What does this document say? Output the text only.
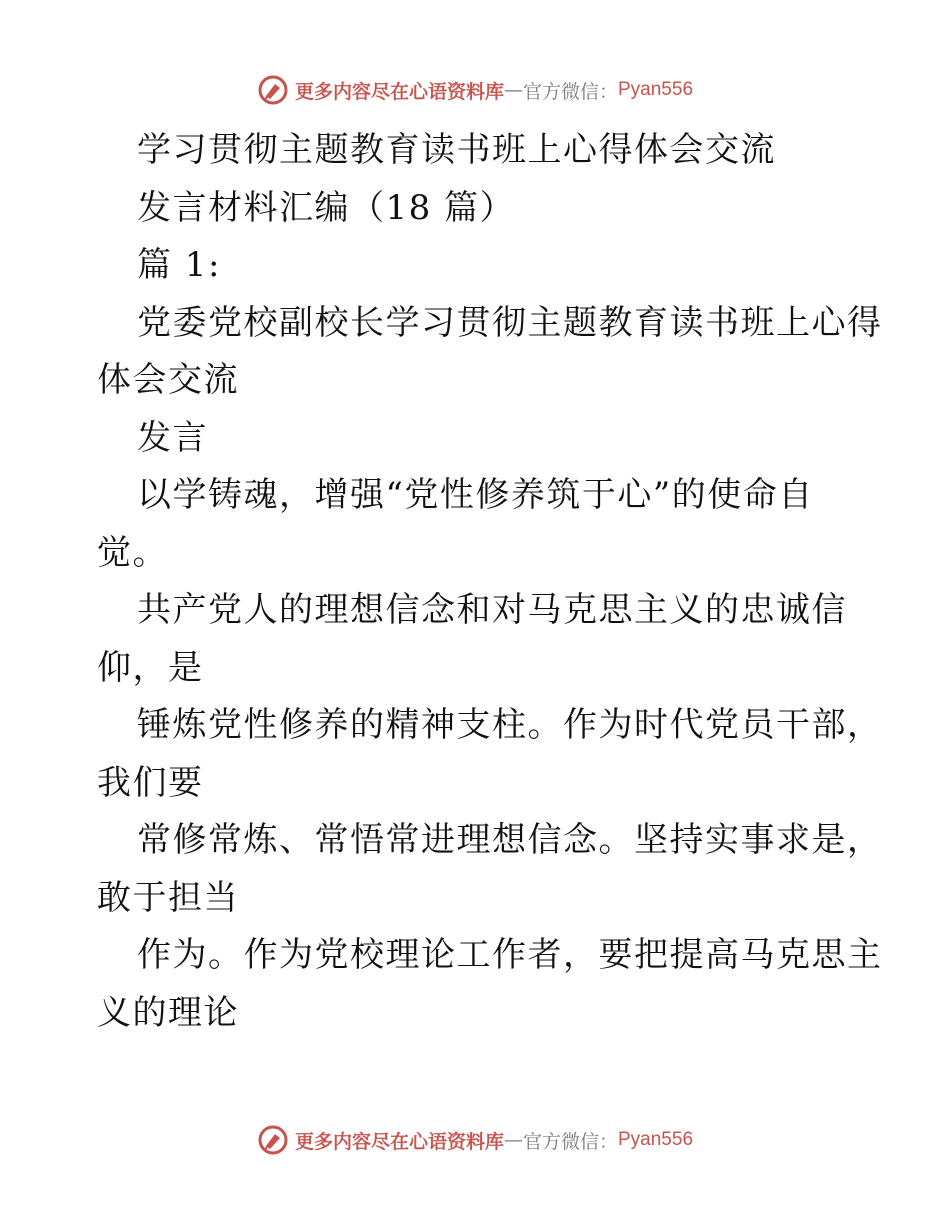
更多内容尽在心语资料库 — 官方微信： Pyan556
学习贯彻主题教育读书班上心得体会交流
发言材料汇编（18 篇）
篇 1:
党委党校副校长学习贯彻主题教育读书班上心得
体会交流
发言
以学铸魂，增强“党性修养筑于心”的使命自
觉。
共产党人的理想信念和对马克思主义的忠诚信
仰，是
锤炼党性修养的精神支柱。作为时代党员干部，
我们要
常修常炼、常悟常进理想信念。坚持实事求是，
敢于担当
作为。作为党校理论工作者，要把提高马克思主
义的理论
更多内容尽在心语资料库 — 官方微信： Pyan556
